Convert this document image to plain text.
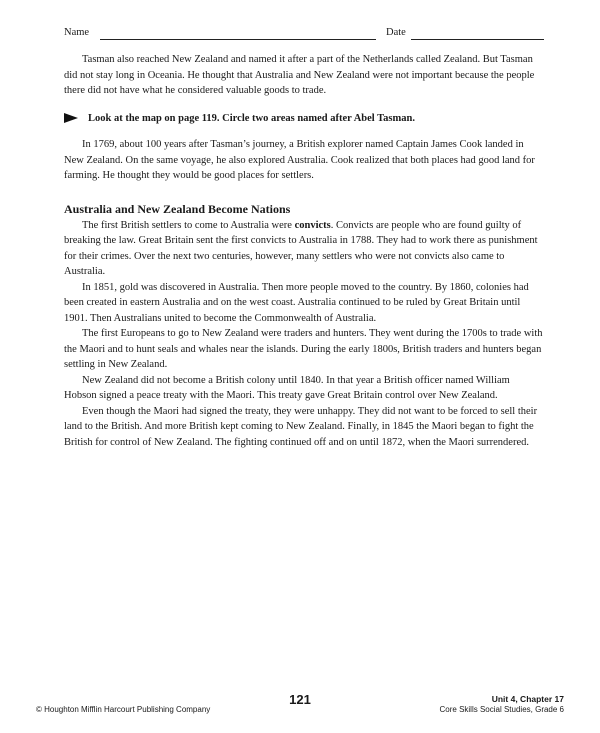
Name	Date

Tasman also reached New Zealand and named it after a part of the Netherlands called Zealand. But Tasman did not stay long in Oceania. He thought that Australia and New Zealand were not important because the people there did not have what he considered valuable goods to trade.

Look at the map on page 119. Circle two areas named after Abel Tasman.

In 1769, about 100 years after Tasman’s journey, a British explorer named Captain James Cook landed in New Zealand. On the same voyage, he also explored Australia. Cook realized that both places had good land for farming. He thought they would be good places for settlers.

Australia and New Zealand Become Nations

The first British settlers to come to Australia were convicts. Convicts are people who are found guilty of breaking the law. Great Britain sent the first convicts to Australia in 1788. They had to work there as punishment for their crimes. Over the next two centuries, however, many settlers who were not convicts also came to Australia.

In 1851, gold was discovered in Australia. Then more people moved to the country. By 1860, colonies had been created in eastern Australia and on the west coast. Australia continued to be ruled by Great Britain until 1901. Then Australians united to become the Commonwealth of Australia.

The first Europeans to go to New Zealand were traders and hunters. They went during the 1700s to trade with the Maori and to hunt seals and whales near the islands. During the early 1800s, British traders and hunters began settling in New Zealand.

New Zealand did not become a British colony until 1840. In that year a British officer named William Hobson signed a peace treaty with the Maori. This treaty gave Great Britain control over New Zealand.

Even though the Maori had signed the treaty, they were unhappy. They did not want to be forced to sell their land to the British. And more British kept coming to New Zealand. Finally, in 1845 the Maori began to fight the British for control of New Zealand. The fighting continued off and on until 1872, when the Maori surrendered.

121	Unit 4, Chapter 17
Core Skills Social Studies, Grade 6
© Houghton Mifflin Harcourt Publishing Company
